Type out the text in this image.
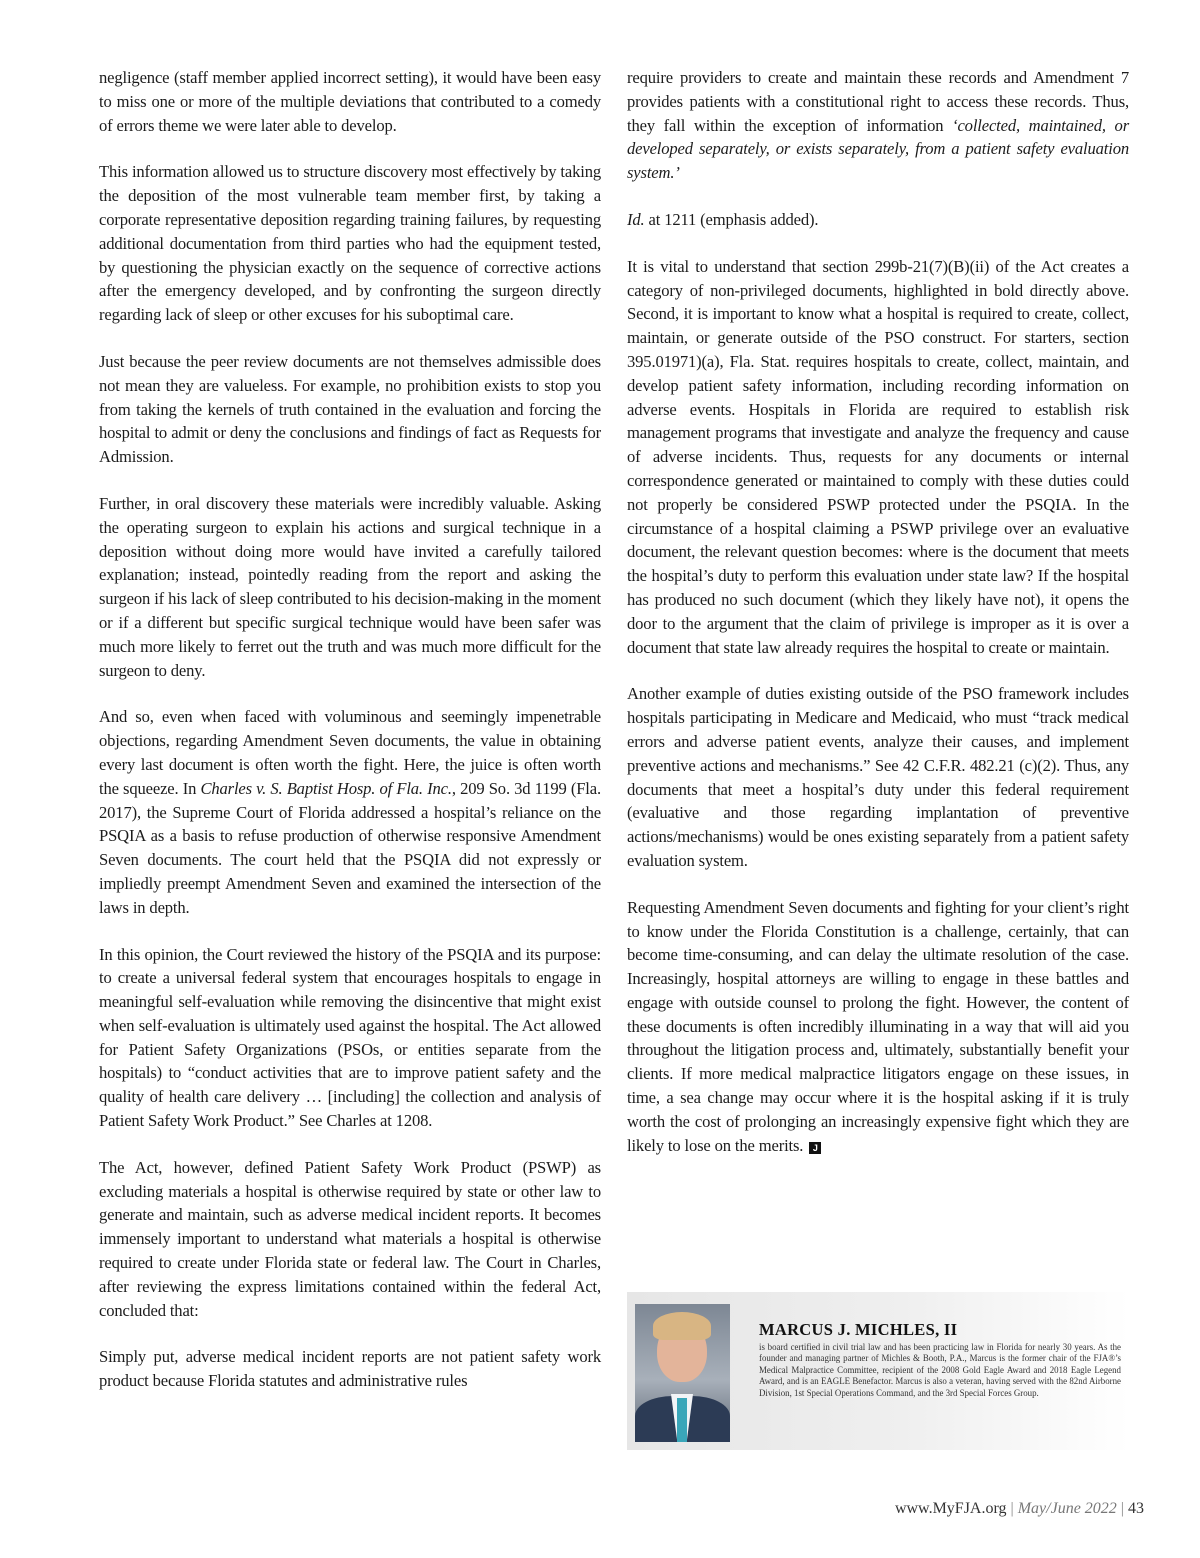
negligence (staff member applied incorrect setting), it would have been easy to miss one or more of the multiple deviations that contributed to a comedy of errors theme we were later able to develop.

This information allowed us to structure discovery most effectively by taking the deposition of the most vulnerable team member first, by taking a corporate representative deposition regarding training failures, by requesting additional documentation from third parties who had the equipment tested, by questioning the physician exactly on the sequence of corrective actions after the emergency developed, and by confronting the surgeon directly regarding lack of sleep or other excuses for his suboptimal care.

Just because the peer review documents are not themselves admissible does not mean they are valueless. For example, no prohibition exists to stop you from taking the kernels of truth contained in the evaluation and forcing the hospital to admit or deny the conclusions and findings of fact as Requests for Admission.

Further, in oral discovery these materials were incredibly valuable. Asking the operating surgeon to explain his actions and surgical technique in a deposition without doing more would have invited a carefully tailored explanation; instead, pointedly reading from the report and asking the surgeon if his lack of sleep contributed to his decision-making in the moment or if a different but specific surgical technique would have been safer was much more likely to ferret out the truth and was much more difficult for the surgeon to deny.

And so, even when faced with voluminous and seemingly impenetrable objections, regarding Amendment Seven documents, the value in obtaining every last document is often worth the fight. Here, the juice is often worth the squeeze. In Charles v. S. Baptist Hosp. of Fla. Inc., 209 So. 3d 1199 (Fla. 2017), the Supreme Court of Florida addressed a hospital’s reliance on the PSQIA as a basis to refuse production of otherwise responsive Amendment Seven documents. The court held that the PSQIA did not expressly or impliedly preempt Amendment Seven and examined the intersection of the laws in depth.

In this opinion, the Court reviewed the history of the PSQIA and its purpose: to create a universal federal system that encourages hospitals to engage in meaningful self-evaluation while removing the disincentive that might exist when self-evaluation is ultimately used against the hospital. The Act allowed for Patient Safety Organizations (PSOs, or entities separate from the hospitals) to “conduct activities that are to improve patient safety and the quality of health care delivery … [including] the collection and analysis of Patient Safety Work Product.” See Charles at 1208.

The Act, however, defined Patient Safety Work Product (PSWP) as excluding materials a hospital is otherwise required by state or other law to generate and maintain, such as adverse medical incident reports. It becomes immensely important to understand what materials a hospital is otherwise required to create under Florida state or federal law. The Court in Charles, after reviewing the express limitations contained within the federal Act, concluded that:

Simply put, adverse medical incident reports are not patient safety work product because Florida statutes and administrative rules

require providers to create and maintain these records and Amendment 7 provides patients with a constitutional right to access these records. Thus, they fall within the exception of information ‘collected, maintained, or developed separately, or exists separately, from a patient safety evaluation system.’

Id. at 1211 (emphasis added).

It is vital to understand that section 299b-21(7)(B)(ii) of the Act creates a category of non-privileged documents, highlighted in bold directly above. Second, it is important to know what a hospital is required to create, collect, maintain, or generate outside of the PSO construct. For starters, section 395.01971)(a), Fla. Stat. requires hospitals to create, collect, maintain, and develop patient safety information, including recording information on adverse events. Hospitals in Florida are required to establish risk management programs that investigate and analyze the frequency and cause of adverse incidents. Thus, requests for any documents or internal correspondence generated or maintained to comply with these duties could not properly be considered PSWP protected under the PSQIA. In the circumstance of a hospital claiming a PSWP privilege over an evaluative document, the relevant question becomes: where is the document that meets the hospital’s duty to perform this evaluation under state law? If the hospital has produced no such document (which they likely have not), it opens the door to the argument that the claim of privilege is improper as it is over a document that state law already requires the hospital to create or maintain.

Another example of duties existing outside of the PSO framework includes hospitals participating in Medicare and Medicaid, who must “track medical errors and adverse patient events, analyze their causes, and implement preventive actions and mechanisms.” See 42 C.F.R. 482.21 (c)(2). Thus, any documents that meet a hospital’s duty under this federal requirement (evaluative and those regarding implantation of preventive actions/mechanisms) would be ones existing separately from a patient safety evaluation system.

Requesting Amendment Seven documents and fighting for your client’s right to know under the Florida Constitution is a challenge, certainly, that can become time-consuming, and can delay the ultimate resolution of the case. Increasingly, hospital attorneys are willing to engage in these battles and engage with outside counsel to prolong the fight. However, the content of these documents is often incredibly illuminating in a way that will aid you throughout the litigation process and, ultimately, substantially benefit your clients. If more medical malpractice litigators engage on these issues, in time, a sea change may occur where it is the hospital asking if it is truly worth the cost of prolonging an increasingly expensive fight which they are likely to lose on the merits. J

MARCUS J. MICHLES, II
is board certified in civil trial law and has been practicing law in Florida for nearly 30 years. As the founder and managing partner of Michles & Booth, P.A., Marcus is the former chair of the FJA®’s Medical Malpractice Committee, recipient of the 2008 Gold Eagle Award and 2018 Eagle Legend Award, and is an EAGLE Benefactor. Marcus is also a veteran, having served with the 82nd Airborne Division, 1st Special Operations Command, and the 3rd Special Forces Group.
www.MyFJA.org | May/June 2022 | 43
